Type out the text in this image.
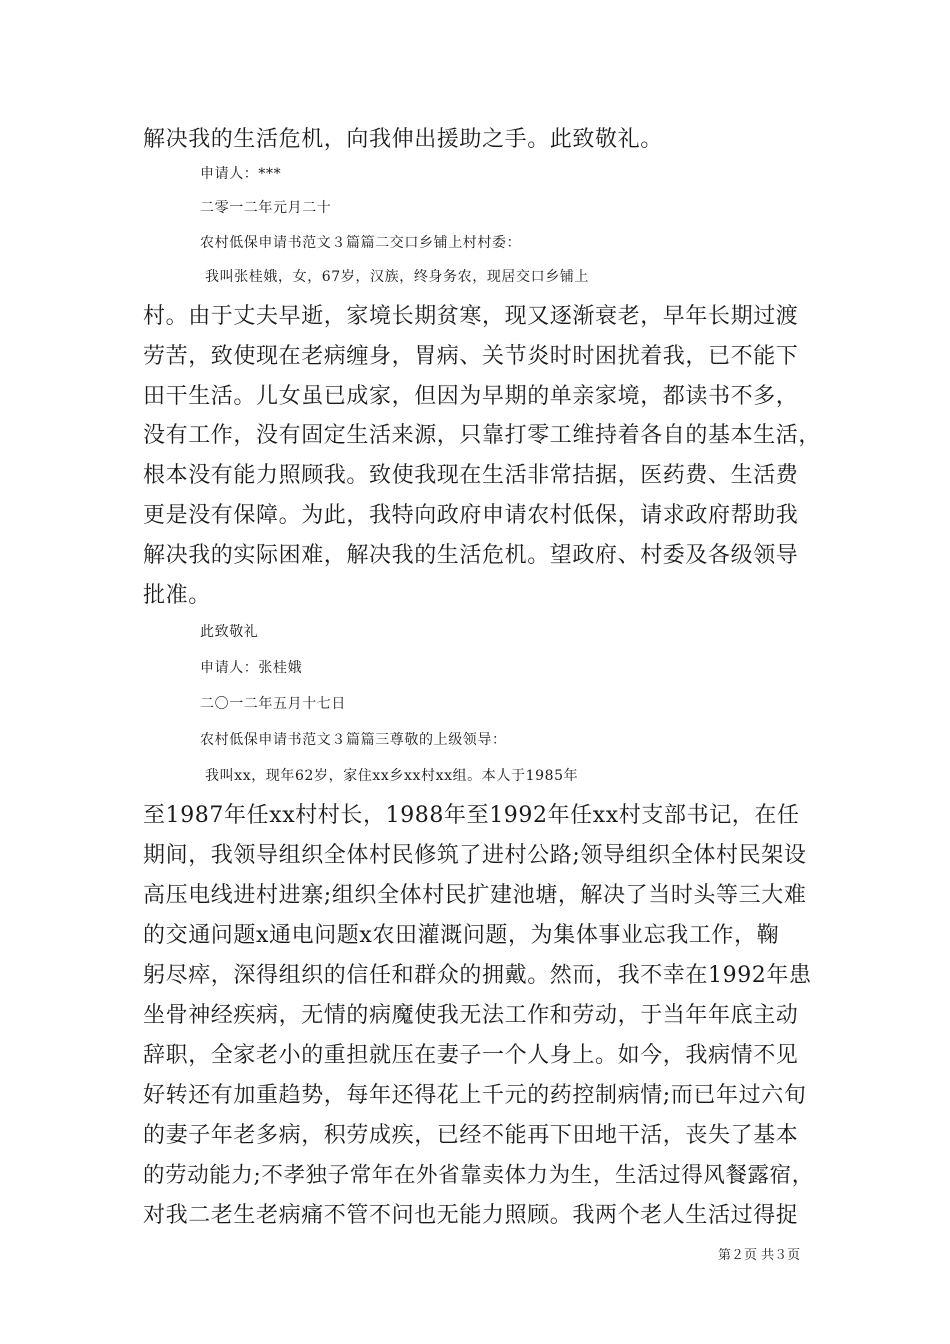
解决我的生活危机，向我伸出援助之手。此致敬礼。
申请人：***
二零一二年元月二十
农村低保申请书范文３篇篇二交口乡铺上村村委：
我叫张桂娥，女，67岁，汉族，终身务农，现居交口乡铺上
村。由于丈夫早逝，家境长期贫寒，现又逐渐衰老，早年长期过渡
劳苦，致使现在老病缠身，胃病、关节炎时时困扰着我，已不能下
田干生活。儿女虽已成家，但因为早期的单亲家境，都读书不多，
没有工作，没有固定生活来源，只靠打零工维持着各自的基本生活，
根本没有能力照顾我。致使我现在生活非常拮据，医药费、生活费
更是没有保障。为此，我特向政府申请农村低保，请求政府帮助我
解决我的实际困难，解决我的生活危机。望政府、村委及各级领导
批准。
此致敬礼
申请人：张桂娥
二〇一二年五月十七日
农村低保申请书范文３篇篇三尊敬的上级领导：
我叫xx，现年62岁，家住xx乡xx村xx组。本人于1985年
至1987年任xx村村长，1988年至1992年任xx村支部书记，在任
期间，我领导组织全体村民修筑了进村公路;领导组织全体村民架设
高压电线进村进寨;组织全体村民扩建池塘，解决了当时头等三大难
的交通问题x通电问题x农田灌溉问题，为集体事业忘我工作，鞠
躬尽瘁，深得组织的信任和群众的拥戴。然而，我不幸在1992年患
坐骨神经疾病，无情的病魔使我无法工作和劳动，于当年年底主动
辞职，全家老小的重担就压在妻子一个人身上。如今，我病情不见
好转还有加重趋势，每年还得花上千元的药控制病情;而已年过六旬
的妻子年老多病，积劳成疾，已经不能再下田地干活，丧失了基本
的劳动能力;不孝独子常年在外省靠卖体力为生，生活过得风餐露宿，
对我二老生老病痛不管不问也无能力照顾。我两个老人生活过得捉
第２页 共３页
